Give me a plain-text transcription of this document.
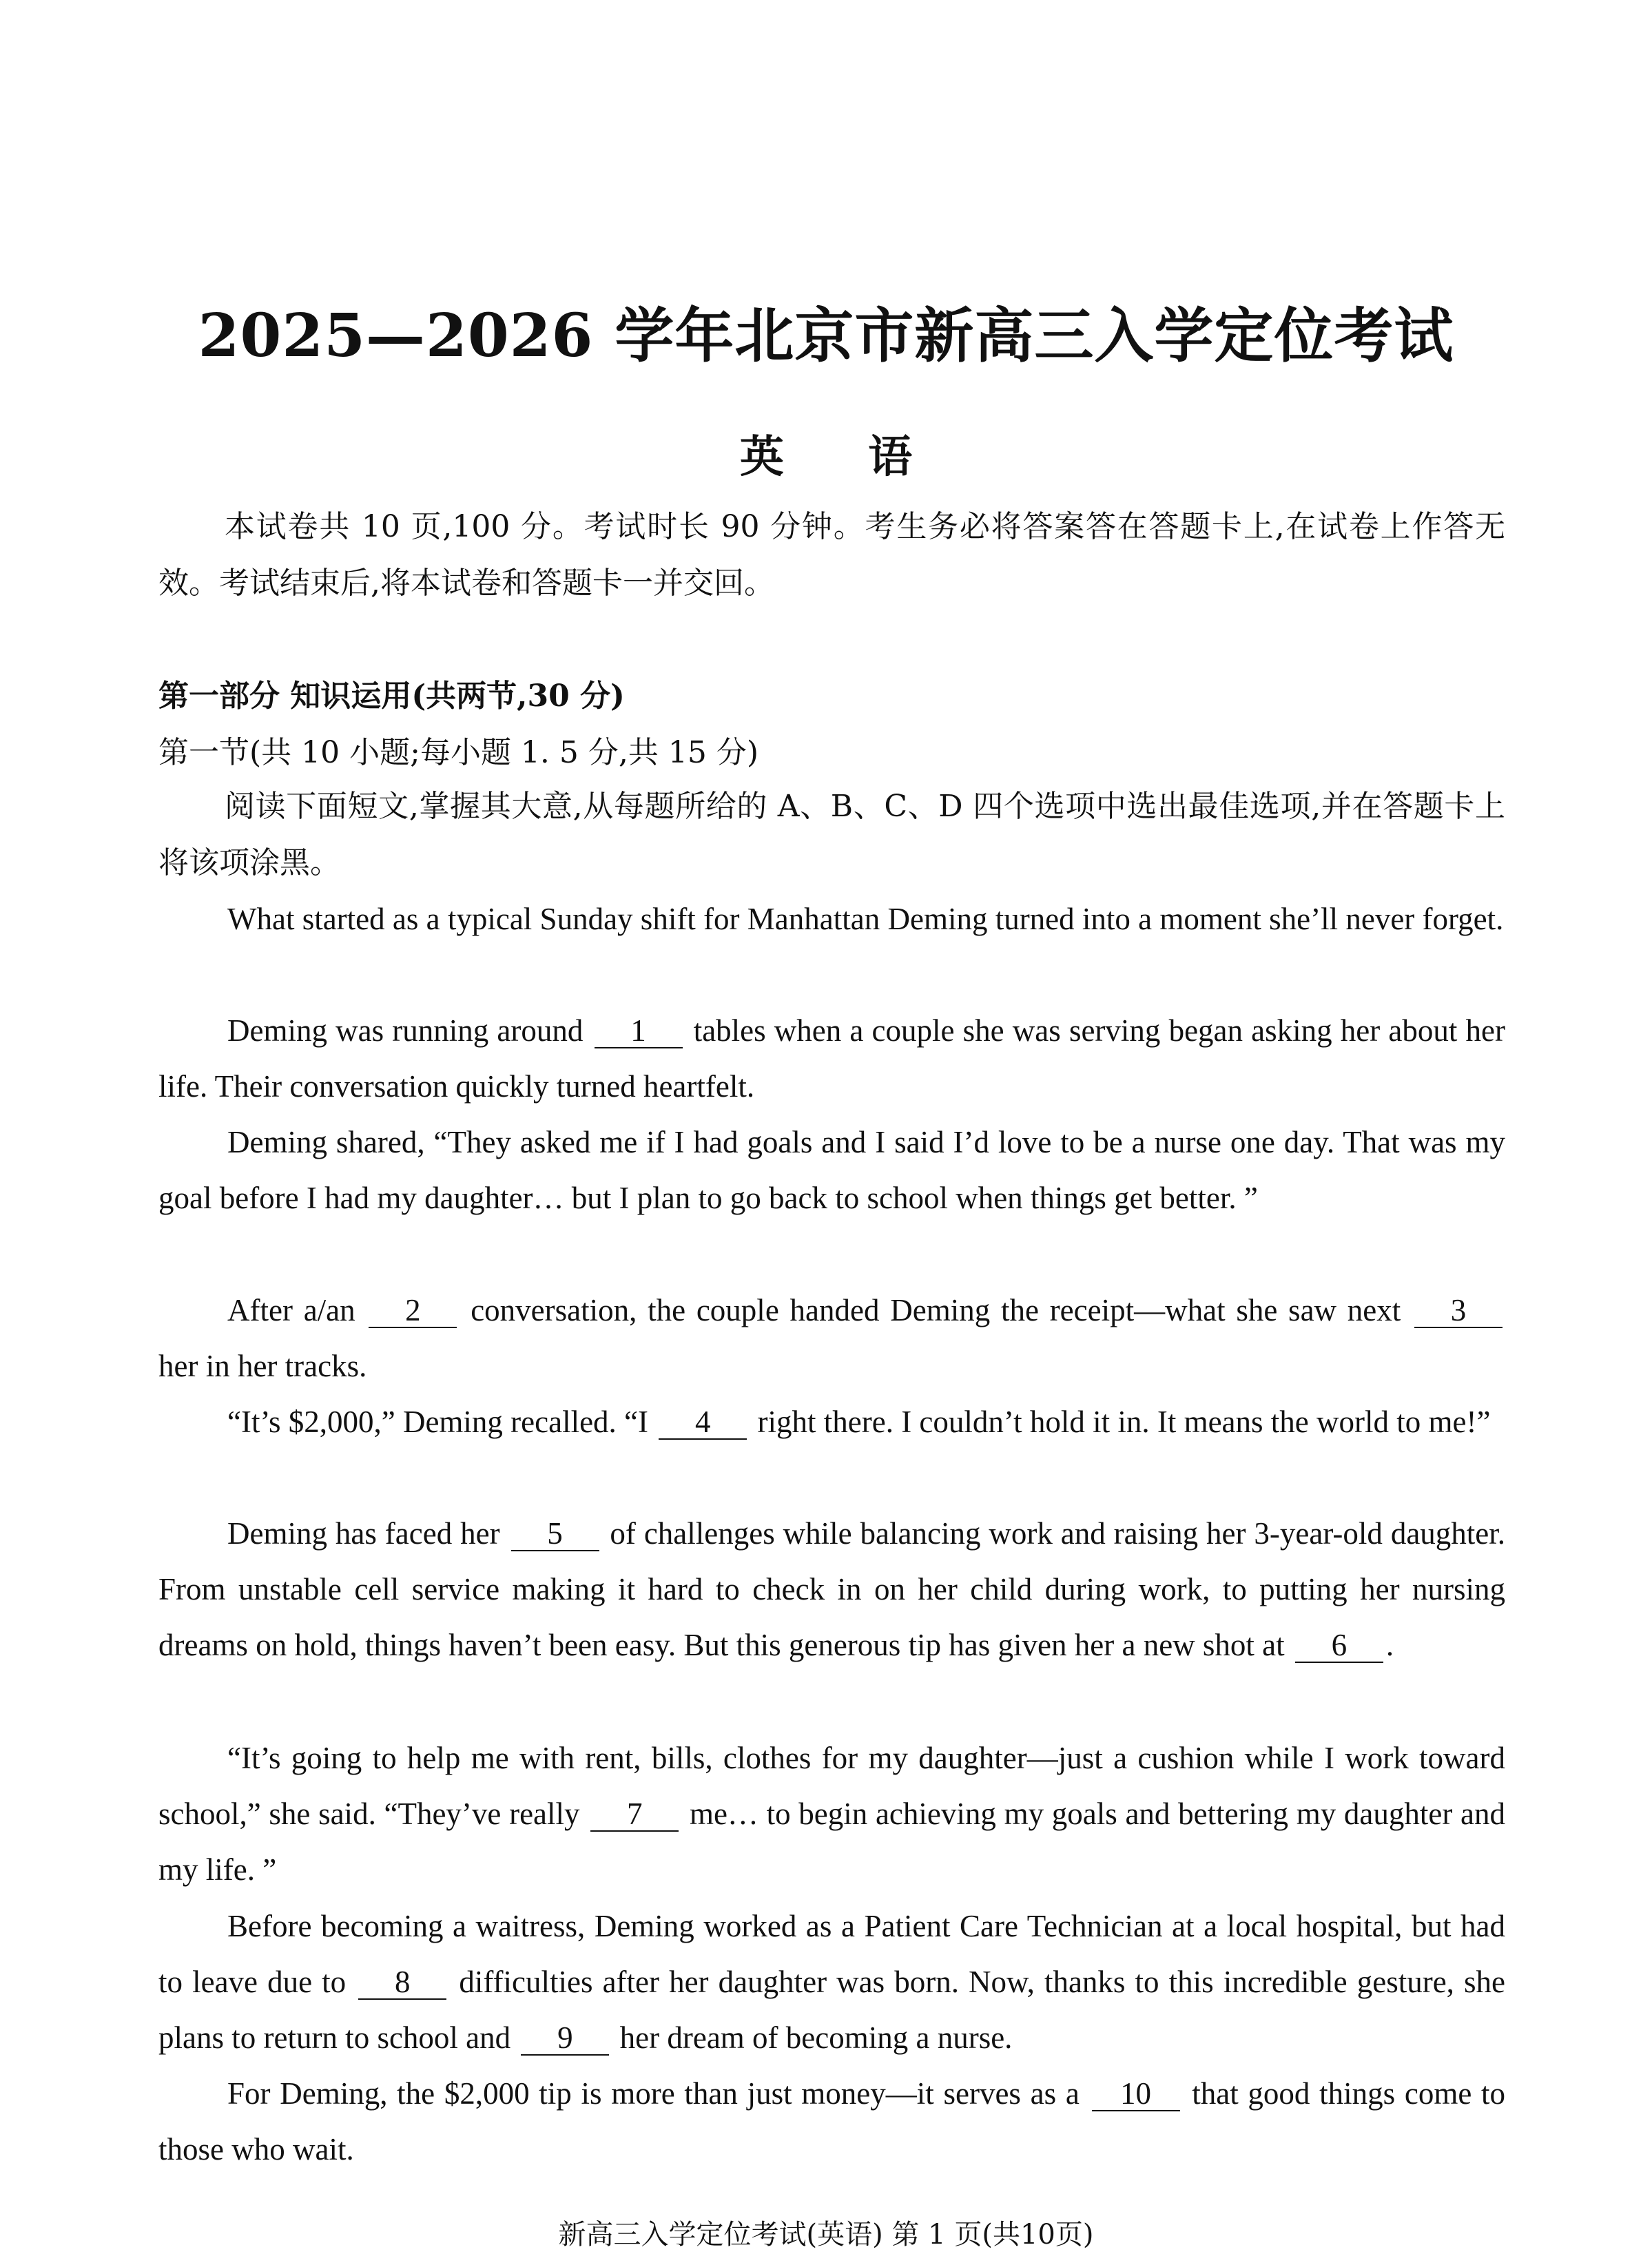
2025—2026 学年北京市新高三入学定位考试
英 语

本试卷共 10 页,100 分。考试时长 90 分钟。考生务必将答案答在答题卡上,在试卷上作答无效。考试结束后,将本试卷和答题卡一并交回。

第一部分 知识运用(共两节,30 分)

第一节(共 10 小题;每小题 1. 5 分,共 15 分)

阅读下面短文,掌握其大意,从每题所给的 A、B、C、D 四个选项中选出最佳选项,并在答题卡上将该项涂黑。

What started as a typical Sunday shift for Manhattan Deming turned into a moment she’ll never forget.

Deming was running around 1 tables when a couple she was serving began asking her about her life. Their conversation quickly turned heartfelt.

Deming shared, “They asked me if I had goals and I said I’d love to be a nurse one day. That was my goal before I had my daughter… but I plan to go back to school when things get better. ”

After a/an 2 conversation, the couple handed Deming the receipt—what she saw next 3 her in her tracks.

“It’s $2,000,” Deming recalled. “I 4 right there. I couldn’t hold it in. It means the world to me!”

Deming has faced her 5 of challenges while balancing work and raising her 3-year-old daughter. From unstable cell service making it hard to check in on her child during work, to putting her nursing dreams on hold, things haven’t been easy. But this generous tip has given her a new shot at 6 .

“It’s going to help me with rent, bills, clothes for my daughter—just a cushion while I work toward school,” she said. “They’ve really 7 me… to begin achieving my goals and bettering my daughter and my life. ”

Before becoming a waitress, Deming worked as a Patient Care Technician at a local hospital, but had to leave due to 8 difficulties after her daughter was born. Now, thanks to this incredible gesture, she plans to return to school and 9 her dream of becoming a nurse.

For Deming, the $2,000 tip is more than just money—it serves as a 10 that good things come to those who wait.

新高三入学定位考试(英语) 第 1 页(共10页)
